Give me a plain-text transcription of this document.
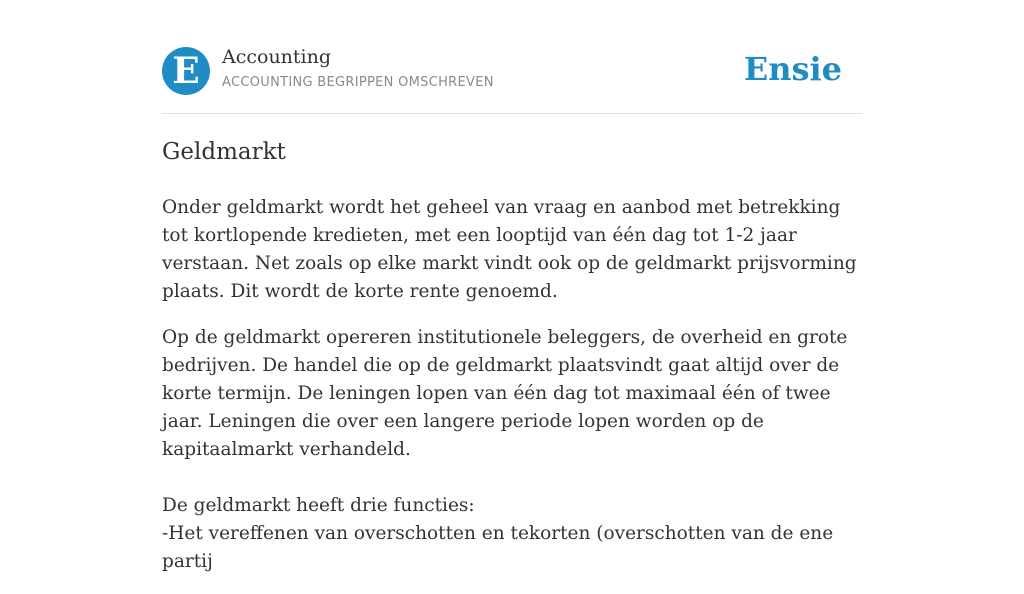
E	Accounting
ACCOUNTING BEGRIPPEN OMSCHREVEN	Ensie
Geldmarkt

Onder geldmarkt wordt het geheel van vraag en aanbod met betrekking tot kortlopende kredieten, met een looptijd van één dag tot 1-2 jaar verstaan. Net zoals op elke markt vindt ook op de geldmarkt prijsvorming plaats. Dit wordt de korte rente genoemd.

Op de geldmarkt opereren institutionele beleggers, de overheid en grote bedrijven. De handel die op de geldmarkt plaatsvindt gaat altijd over de korte termijn. De leningen lopen van één dag tot maximaal één of twee jaar. Leningen die over een langere periode lopen worden op de kapitaalmarkt verhandeld.

De geldmarkt heeft drie functies:
-Het vereffenen van overschotten en tekorten (overschotten van de ene partij
